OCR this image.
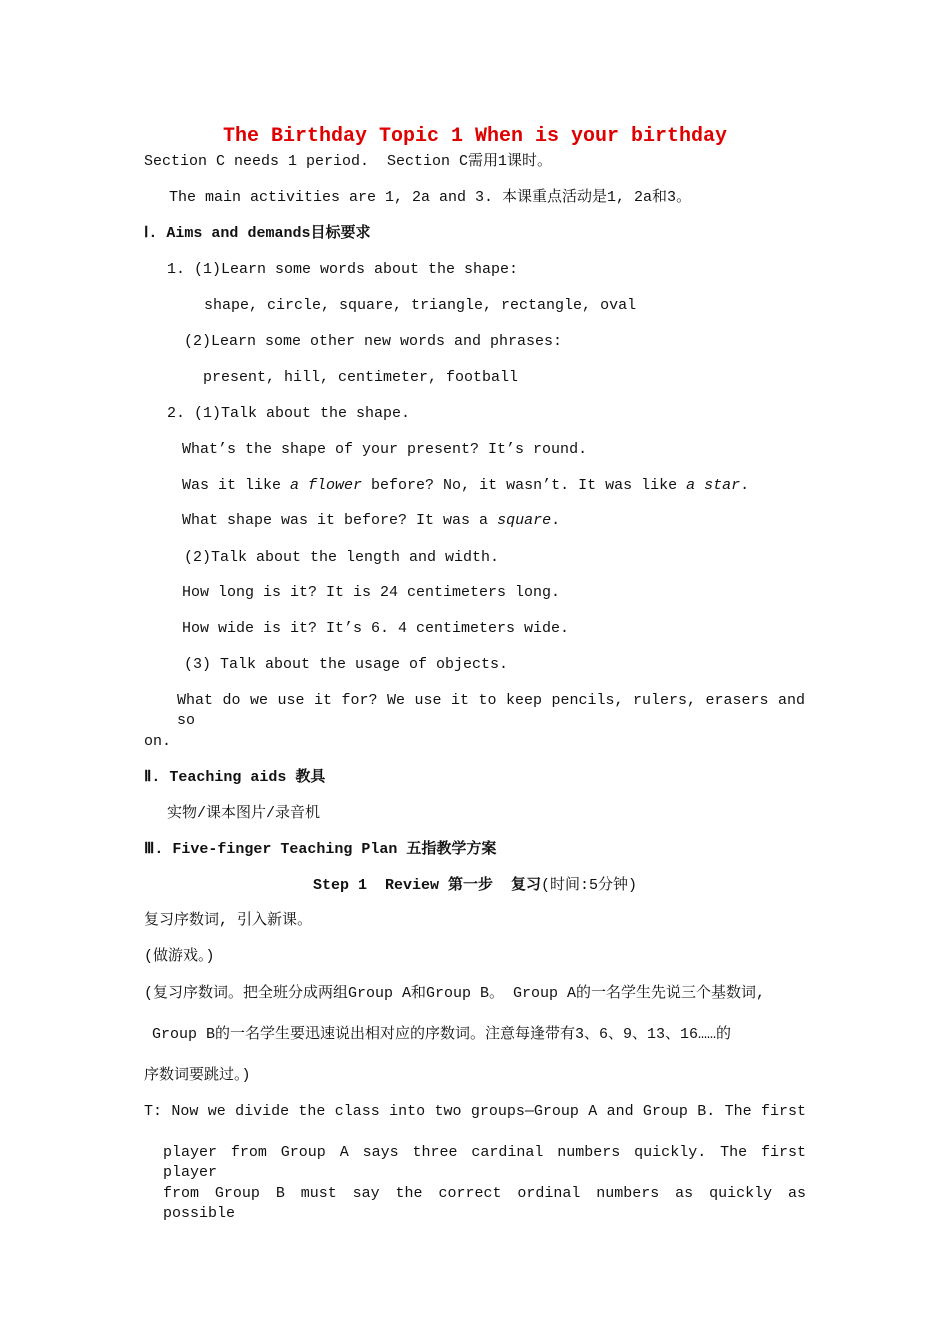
The Birthday Topic 1 When is your birthday
Section C needs 1 period.  Section C需用1课时。
The main activities are 1, 2a and 3. 本课重点活动是1, 2a和3。
Ⅰ. Aims and demands目标要求
1. (1)Learn some words about the shape:
shape, circle, square, triangle, rectangle, oval
(2)Learn some other new words and phrases:
present, hill, centimeter, football
2. (1)Talk about the shape.
What’s the shape of your present? It’s round.
Was it like a flower before? No, it wasn’t. It was like a star.
What shape was it before? It was a square.
(2)Talk about the length and width.
How long is it? It is 24 centimeters long.
How wide is it? It’s 6. 4 centimeters wide.
(3) Talk about the usage of objects.
What do we use it for? We use it to keep pencils, rulers, erasers and so
on.
Ⅱ. Teaching aids 教具
实物/课本图片/录音机
Ⅲ. Five-finger Teaching Plan 五指教学方案
Step 1  Review 第一步  复习(时间:5分钟)
复习序数词, 引入新课。
(做游戏。)
(复习序数词。把全班分成两组Group A和Group B。 Group A的一名学生先说三个基数词,
Group B的一名学生要迅速说出相对应的序数词。注意每逢带有3、6、9、13、16……的
序数词要跳过。)
T: Now we divide the class into two groups—Group A and Group B. The first
player from Group A says three cardinal numbers quickly. The first player
from Group B must say the correct ordinal numbers as quickly as possible
